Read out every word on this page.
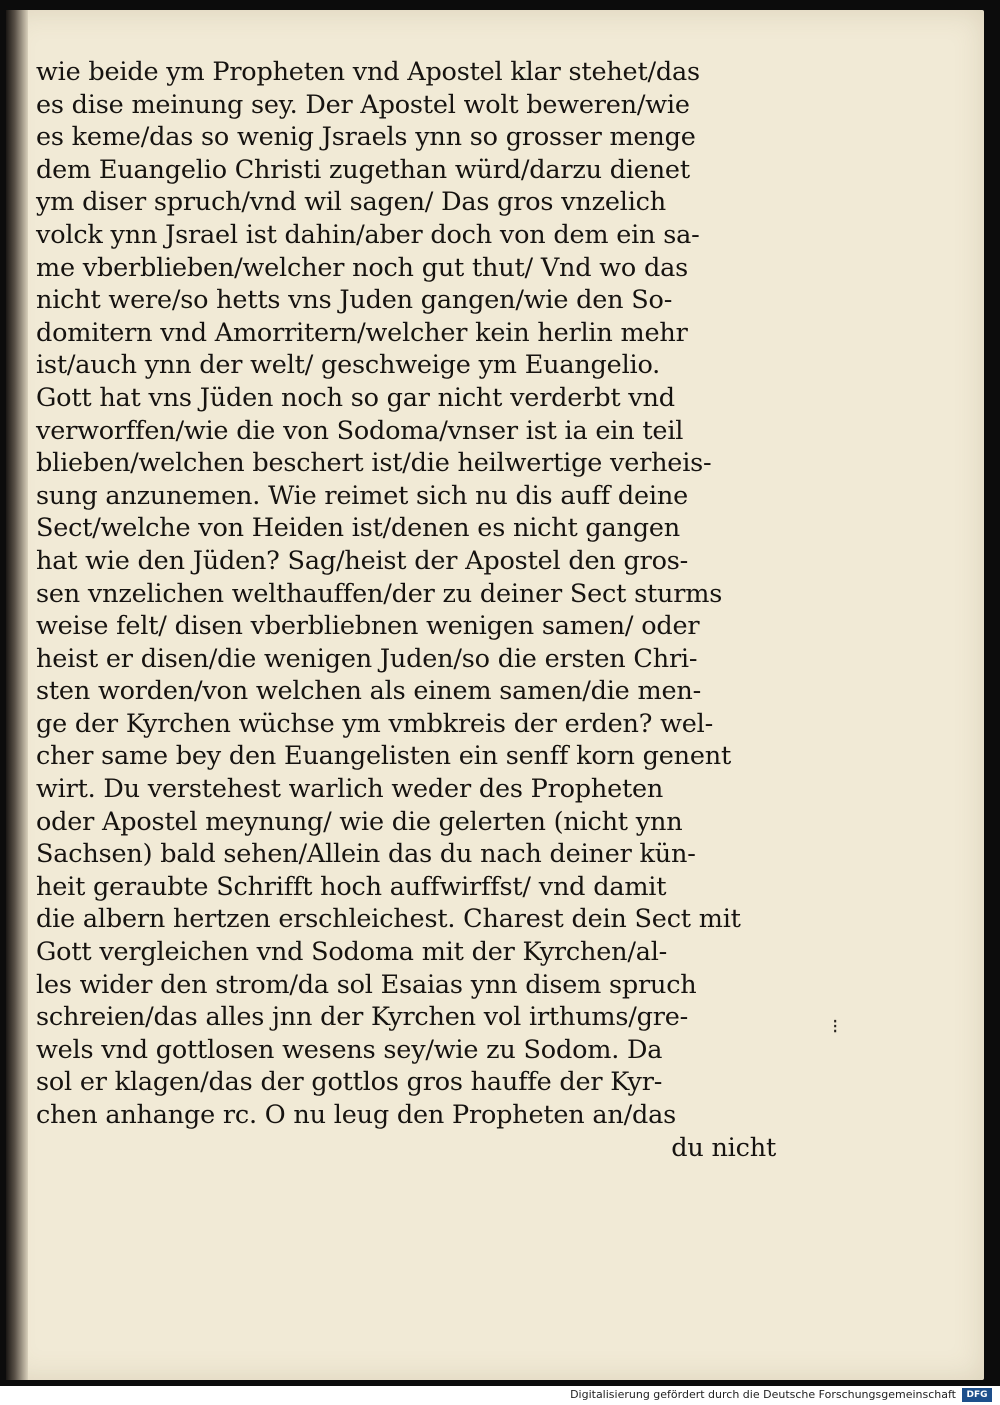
wie beide ym Propheten vnd Apostel klar stehet/das
es dise meinung sey. Der Apostel wolt beweren/wie
es keme/das so wenig Jsraels ynn so grosser menge
dem Euangelio Christi zugethan würd/darzu dienet
ym diser spruch/vnd wil sagen/ Das gros vnzelich
volck ynn Jsrael ist dahin/aber doch von dem ein sa-
me vberblieben/welcher noch gut thut/ Vnd wo das
nicht were/so hetts vns Juden gangen/wie den So-
domitern vnd Amorritern/welcher kein herlin mehr
ist/auch ynn der welt/ geschweige ym Euangelio.
Gott hat vns Jüden noch so gar nicht verderbt vnd
verworffen/wie die von Sodoma/vnser ist ia ein teil
blieben/welchen beschert ist/die heilwertige verheis-
sung anzunemen. Wie reimet sich nu dis auff deine
Sect/welche von Heiden ist/denen es nicht gangen
hat wie den Jüden? Sag/heist der Apostel den gros-
sen vnzelichen welthauffen/der zu deiner Sect sturms
weise felt/ disen vberbliebnen wenigen samen/ oder
heist er disen/die wenigen Juden/so die ersten Chri-
sten worden/von welchen als einem samen/die men-
ge der Kyrchen wüchse ym vmbkreis der erden? wel-
cher same bey den Euangelisten ein senff korn genent
wirt. Du verstehest warlich weder des Propheten
oder Apostel meynung/ wie die gelerten (nicht ynn
Sachsen) bald sehen/Allein das du nach deiner kün-
heit geraubte Schrifft hoch auffwirffst/ vnd damit
die albern hertzen erschleichest. Charest dein Sect mit
Gott vergleichen vnd Sodoma mit der Kyrchen/al-
les wider den strom/da sol Esaias ynn disem spruch
schreien/das alles jnn der Kyrchen vol irthums/gre-
wels vnd gottlosen wesens sey/wie zu Sodom. Da
sol er klagen/das der gottlos gros hauffe der Kyr-
chen anhange rc. O nu leug den Propheten an/das
du nicht
⁝
Digitalisierung gefördert durch die Deutsche Forschungsgemeinschaft	DFG
